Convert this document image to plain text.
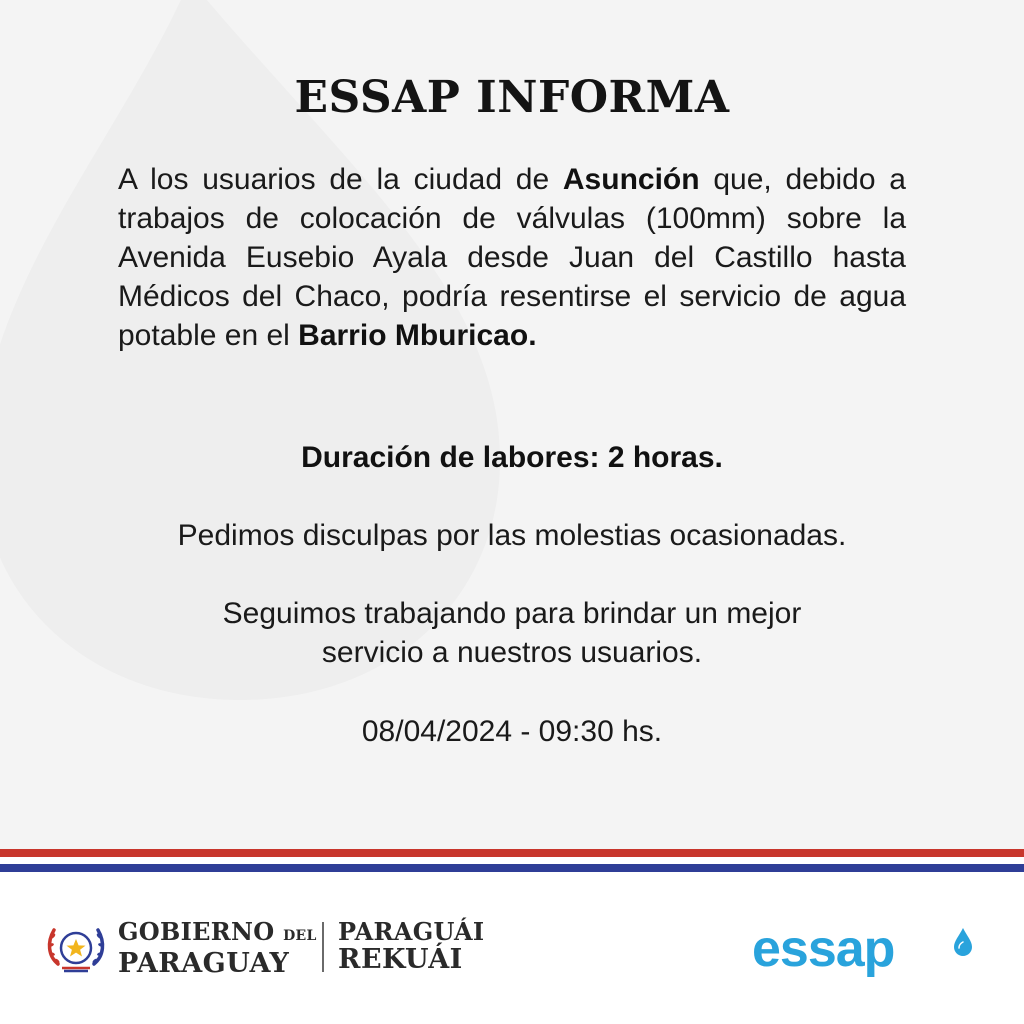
ESSAP INFORMA
A los usuarios de la ciudad de Asunción que, debido a trabajos de colocación de válvulas (100mm) sobre la Avenida Eusebio Ayala desde Juan del Castillo hasta Médicos del Chaco, podría resentirse el servicio de agua potable en el Barrio Mburicao.
Duración de labores: 2 horas.
Pedimos disculpas por las molestias ocasionadas.
Seguimos trabajando para brindar un mejor
servicio a nuestros usuarios.
08/04/2024 - 09:30 hs.
GOBIERNO DEL
PARAGUAY
PARAGUÁI
REKUÁI	essap
